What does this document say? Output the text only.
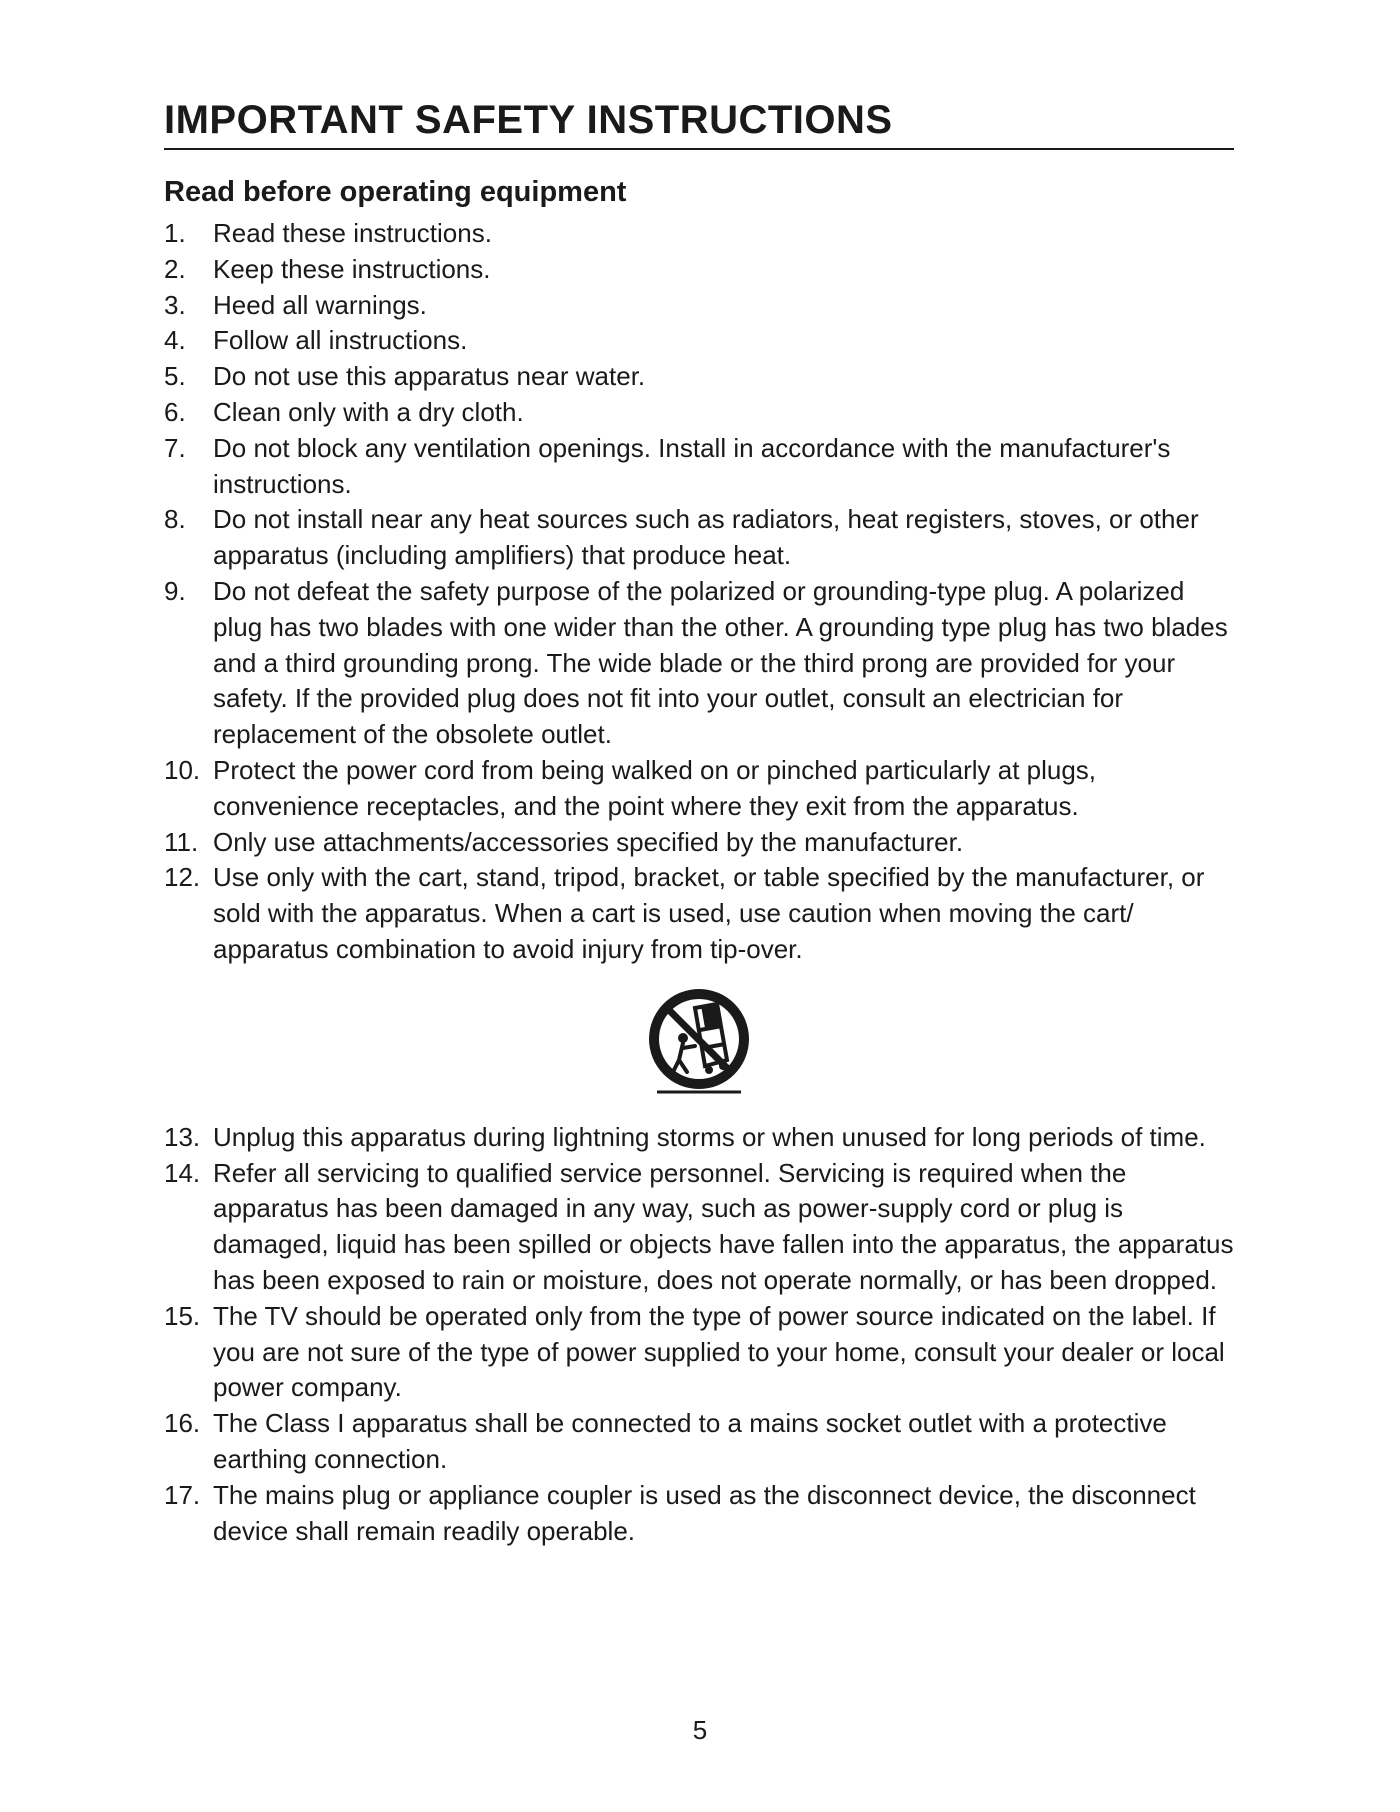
IMPORTANT SAFETY INSTRUCTIONS
Read before operating equipment
1.	Read these instructions.
2.	Keep these instructions.
3.	Heed all warnings.
4.	Follow all instructions.
5.	Do not use this apparatus near water.
6.	Clean only with a dry cloth.
7.	Do not block any ventilation openings. Install in accordance with the manufacturer's instructions.
8.	Do not install near any heat sources such as radiators, heat registers, stoves, or other apparatus (including amplifiers) that produce heat.
9.	Do not defeat the safety purpose of the polarized or grounding-type plug. A polarized plug has two blades with one wider than the other. A grounding type plug has two blades and a third grounding prong. The wide blade or the third prong are provided for your safety. If the provided plug does not fit into your outlet, consult an electrician for replacement of the obsolete outlet.
10. Protect the power cord from being walked on or pinched particularly at plugs, convenience receptacles, and the point where they exit from the apparatus.
11. Only use attachments/accessories specified by the manufacturer.
12. Use only with the cart, stand, tripod, bracket, or table specified by the manufacturer, or sold with the apparatus. When a cart is used, use caution when moving the cart/ apparatus combination to avoid injury from tip-over.
13. Unplug this apparatus during lightning storms or when unused for long periods of time.
14. Refer all servicing to qualified service personnel. Servicing is required when the apparatus has been damaged in any way, such as power-supply cord or plug is damaged, liquid has been spilled or objects have fallen into the apparatus, the apparatus has been exposed to rain or moisture, does not operate normally, or has been dropped.
15. The TV should be operated only from the type of power source indicated on the label. If you are not sure of the type of power supplied to your home, consult your dealer or local power company.
16. The Class I apparatus shall be connected to a mains socket outlet with a protective earthing connection.
17. The mains plug or appliance coupler is used as the disconnect device, the disconnect device shall remain readily operable.
5
